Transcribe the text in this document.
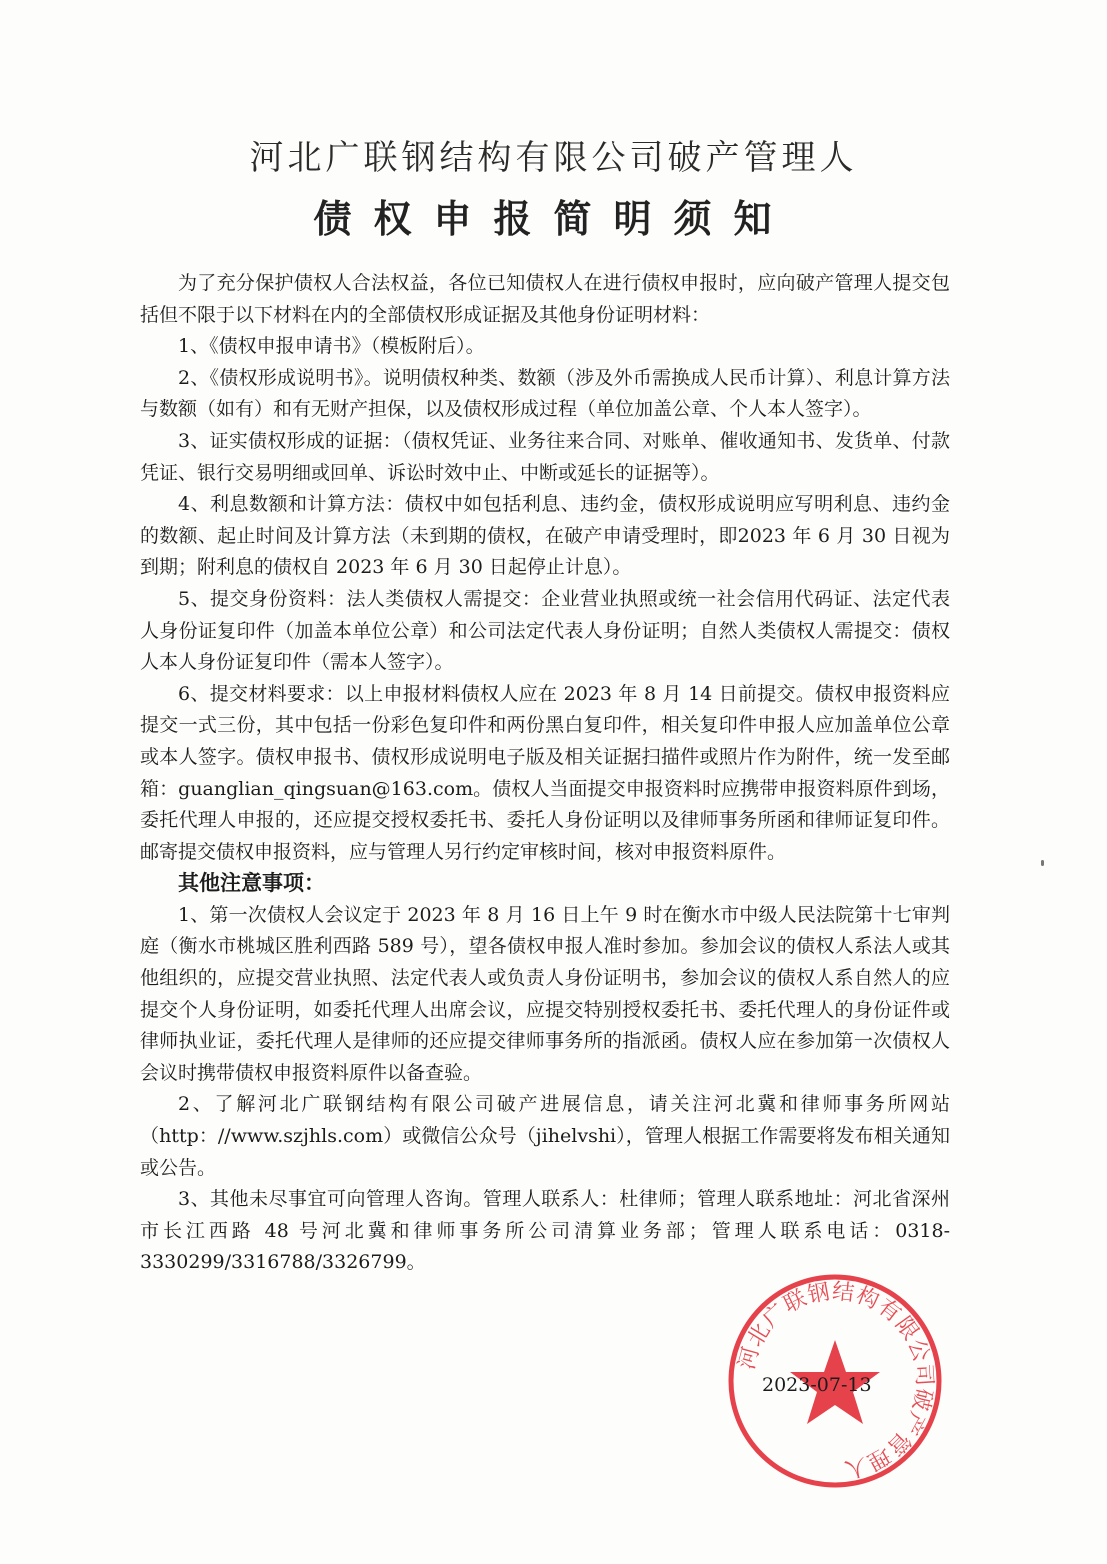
河北广联钢结构有限公司破产管理人
债权申报简明须知

为了充分保护债权人合法权益，各位已知债权人在进行债权申报时，应向破产管理人提交包括但不限于以下材料在内的全部债权形成证据及其他身份证明材料：

1、《债权申报申请书》（模板附后）。

2、《债权形成说明书》。说明债权种类、数额（涉及外币需换成人民币计算）、利息计算方法与数额（如有）和有无财产担保，以及债权形成过程（单位加盖公章、个人本人签字）。

3、证实债权形成的证据：（债权凭证、业务往来合同、对账单、催收通知书、发货单、付款凭证、银行交易明细或回单、诉讼时效中止、中断或延长的证据等）。

4、利息数额和计算方法：债权中如包括利息、违约金，债权形成说明应写明利息、违约金的数额、起止时间及计算方法（未到期的债权，在破产申请受理时，即2023 年 6 月 30 日视为到期；附利息的债权自 2023 年 6 月 30 日起停止计息）。

5、提交身份资料：法人类债权人需提交：企业营业执照或统一社会信用代码证、法定代表人身份证复印件（加盖本单位公章）和公司法定代表人身份证明；自然人类债权人需提交：债权人本人身份证复印件（需本人签字）。

6、提交材料要求：以上申报材料债权人应在 2023 年 8 月 14 日前提交。债权申报资料应提交一式三份，其中包括一份彩色复印件和两份黑白复印件，相关复印件申报人应加盖单位公章或本人签字。债权申报书、债权形成说明电子版及相关证据扫描件或照片作为附件，统一发至邮箱：guanglian_qingsuan@163.com。债权人当面提交申报资料时应携带申报资料原件到场，委托代理人申报的，还应提交授权委托书、委托人身份证明以及律师事务所函和律师证复印件。邮寄提交债权申报资料，应与管理人另行约定审核时间，核对申报资料原件。

其他注意事项：

1、第一次债权人会议定于 2023 年 8 月 16 日上午 9 时在衡水市中级人民法院第十七审判庭（衡水市桃城区胜利西路 589 号），望各债权申报人准时参加。参加会议的债权人系法人或其他组织的，应提交营业执照、法定代表人或负责人身份证明书，参加会议的债权人系自然人的应提交个人身份证明，如委托代理人出席会议，应提交特别授权委托书、委托代理人的身份证件或律师执业证，委托代理人是律师的还应提交律师事务所的指派函。债权人应在参加第一次债权人会议时携带债权申报资料原件以备查验。

2、了解河北广联钢结构有限公司破产进展信息，请关注河北冀和律师事务所网站（http：//www.szjhls.com）或微信公众号（jihelvshi），管理人根据工作需要将发布相关通知或公告。

3、其他未尽事宜可向管理人咨询。管理人联系人：杜律师；管理人联系地址：河北省深州市长江西路 48 号河北冀和律师事务所公司清算业务部；管理人联系电话：0318-3330299/3316788/3326799。

河北广联钢结构有限公司破产管理人
2023-07-13
